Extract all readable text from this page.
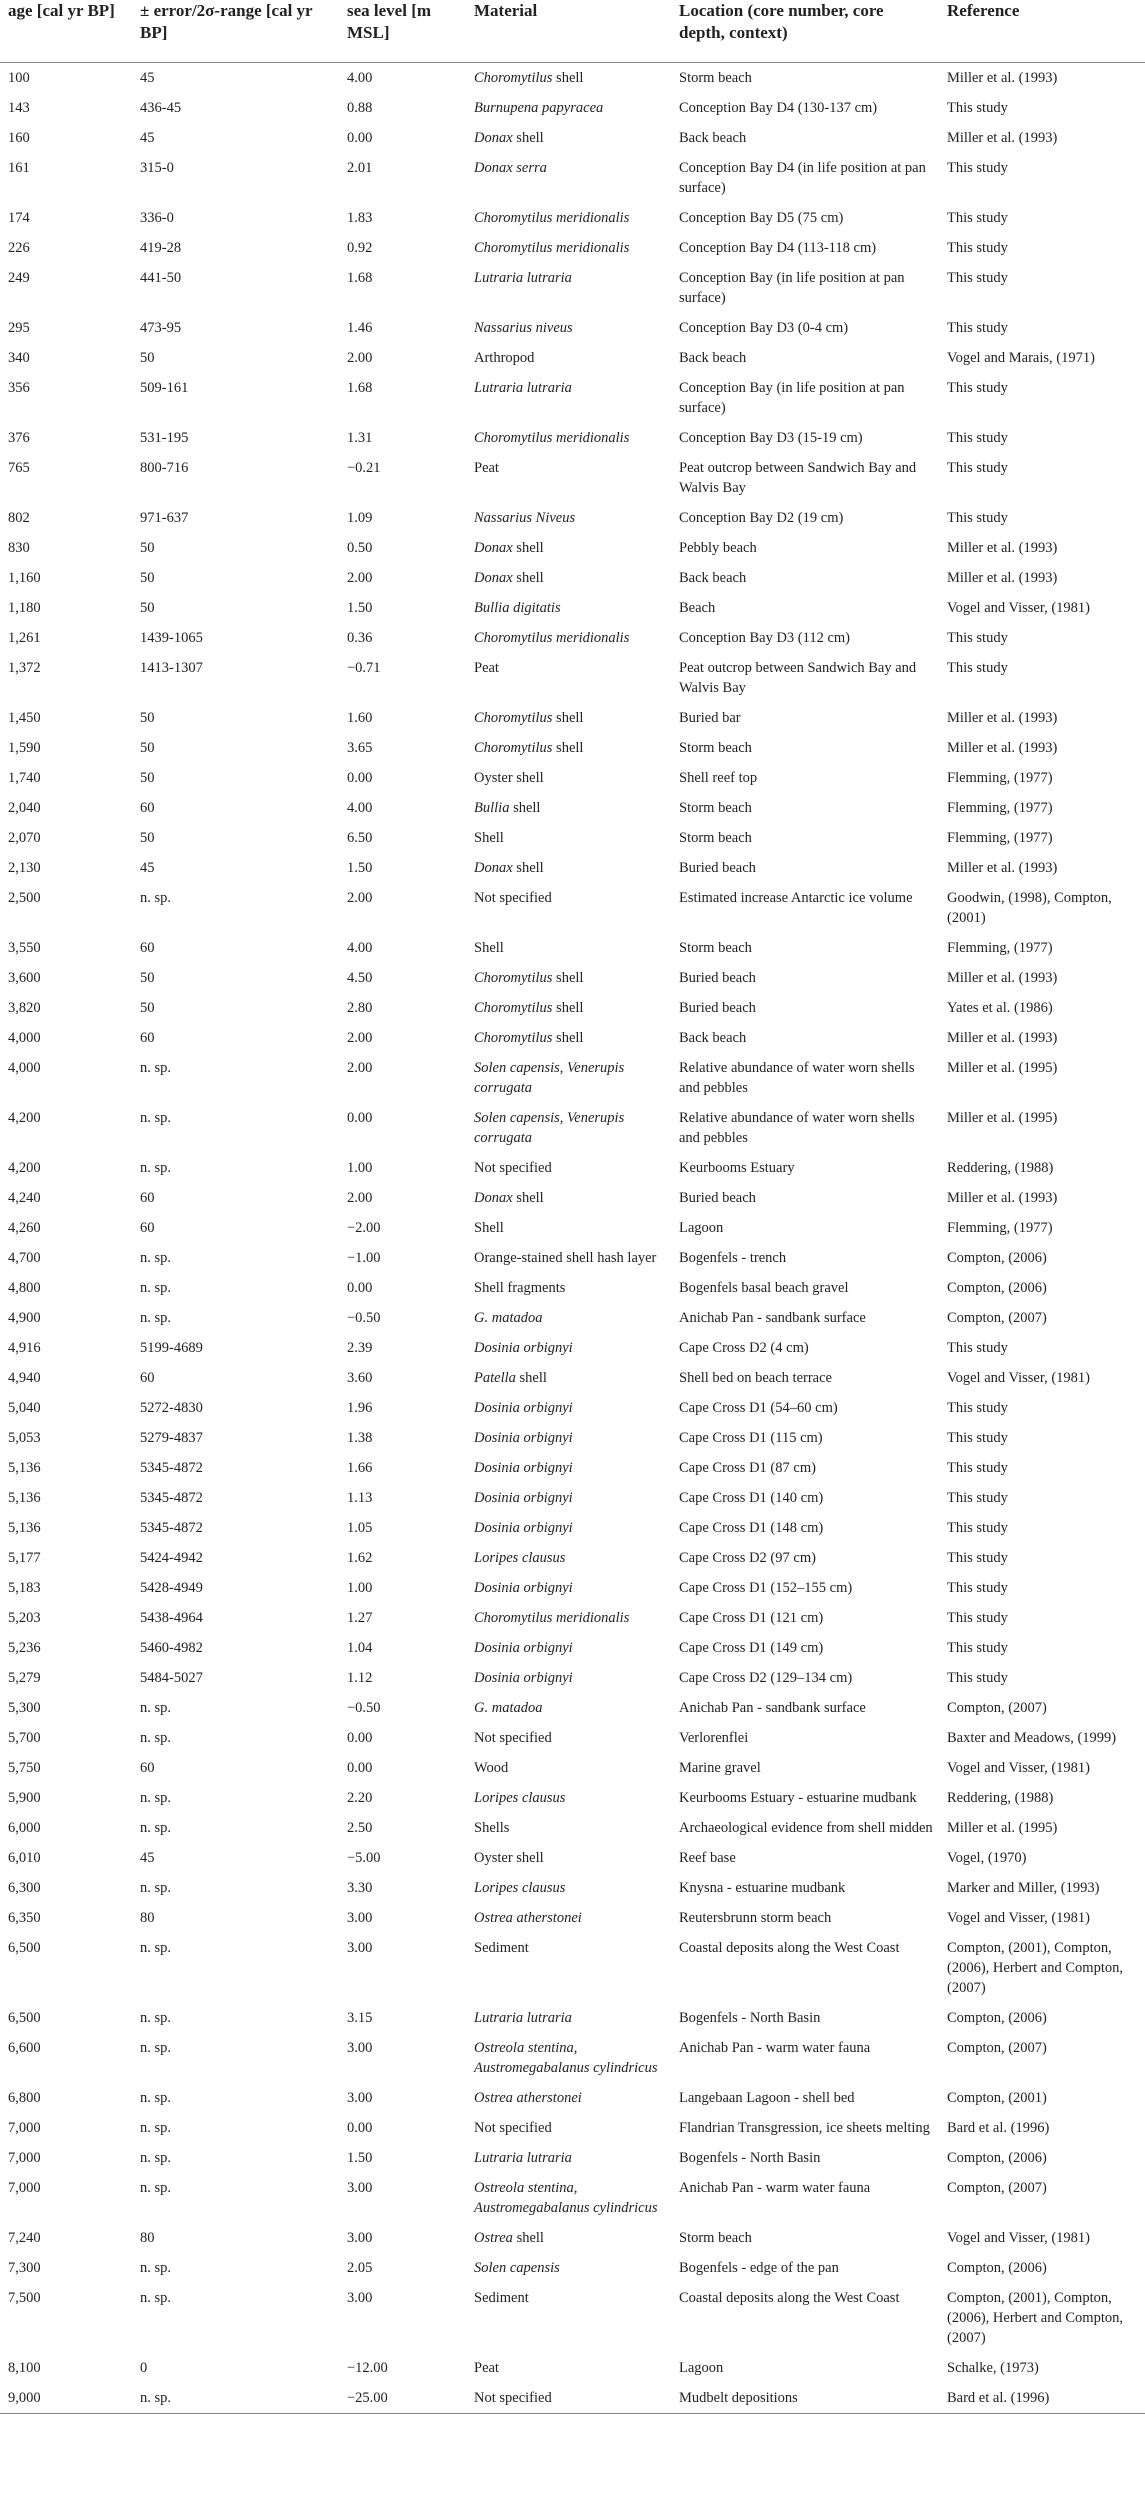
age [cal yr BP]	± error/2σ-range [cal yr BP]	sea level [m MSL]	Material	Location (core number, core depth, context)	Reference

100	45	4.00	Choromytilus shell	Storm beach	Miller et al. (1993)
143	436-45	0.88	Burnupena papyracea	Conception Bay D4 (130-137 cm)	This study
160	45	0.00	Donax shell	Back beach	Miller et al. (1993)
161	315-0	2.01	Donax serra	Conception Bay D4 (in life position at pan surface)	This study
174	336-0	1.83	Choromytilus meridionalis	Conception Bay D5 (75 cm)	This study
226	419-28	0.92	Choromytilus meridionalis	Conception Bay D4 (113-118 cm)	This study
249	441-50	1.68	Lutraria lutraria	Conception Bay (in life position at pan surface)	This study
295	473-95	1.46	Nassarius niveus	Conception Bay D3 (0-4 cm)	This study
340	50	2.00	Arthropod	Back beach	Vogel and Marais, (1971)
356	509-161	1.68	Lutraria lutraria	Conception Bay (in life position at pan surface)	This study
376	531-195	1.31	Choromytilus meridionalis	Conception Bay D3 (15-19 cm)	This study
765	800-716	−0.21	Peat	Peat outcrop between Sandwich Bay and Walvis Bay	This study
802	971-637	1.09	Nassarius Niveus	Conception Bay D2 (19 cm)	This study
830	50	0.50	Donax shell	Pebbly beach	Miller et al. (1993)
1,160	50	2.00	Donax shell	Back beach	Miller et al. (1993)
1,180	50	1.50	Bullia digitatis	Beach	Vogel and Visser, (1981)
1,261	1439-1065	0.36	Choromytilus meridionalis	Conception Bay D3 (112 cm)	This study
1,372	1413-1307	−0.71	Peat	Peat outcrop between Sandwich Bay and Walvis Bay	This study
1,450	50	1.60	Choromytilus shell	Buried bar	Miller et al. (1993)
1,590	50	3.65	Choromytilus shell	Storm beach	Miller et al. (1993)
1,740	50	0.00	Oyster shell	Shell reef top	Flemming, (1977)
2,040	60	4.00	Bullia shell	Storm beach	Flemming, (1977)
2,070	50	6.50	Shell	Storm beach	Flemming, (1977)
2,130	45	1.50	Donax shell	Buried beach	Miller et al. (1993)
2,500	n. sp.	2.00	Not specified	Estimated increase Antarctic ice volume	Goodwin, (1998), Compton, (2001)
3,550	60	4.00	Shell	Storm beach	Flemming, (1977)
3,600	50	4.50	Choromytilus shell	Buried beach	Miller et al. (1993)
3,820	50	2.80	Choromytilus shell	Buried beach	Yates et al. (1986)
4,000	60	2.00	Choromytilus shell	Back beach	Miller et al. (1993)
4,000	n. sp.	2.00	Solen capensis, Venerupis corrugata	Relative abundance of water worn shells and pebbles	Miller et al. (1995)
4,200	n. sp.	0.00	Solen capensis, Venerupis corrugata	Relative abundance of water worn shells and pebbles	Miller et al. (1995)
4,200	n. sp.	1.00	Not specified	Keurbooms Estuary	Reddering, (1988)
4,240	60	2.00	Donax shell	Buried beach	Miller et al. (1993)
4,260	60	−2.00	Shell	Lagoon	Flemming, (1977)
4,700	n. sp.	−1.00	Orange-stained shell hash layer	Bogenfels - trench	Compton, (2006)
4,800	n. sp.	0.00	Shell fragments	Bogenfels basal beach gravel	Compton, (2006)
4,900	n. sp.	−0.50	G. matadoa	Anichab Pan - sandbank surface	Compton, (2007)
4,916	5199-4689	2.39	Dosinia orbignyi	Cape Cross D2 (4 cm)	This study
4,940	60	3.60	Patella shell	Shell bed on beach terrace	Vogel and Visser, (1981)
5,040	5272-4830	1.96	Dosinia orbignyi	Cape Cross D1 (54–60 cm)	This study
5,053	5279-4837	1.38	Dosinia orbignyi	Cape Cross D1 (115 cm)	This study
5,136	5345-4872	1.66	Dosinia orbignyi	Cape Cross D1 (87 cm)	This study
5,136	5345-4872	1.13	Dosinia orbignyi	Cape Cross D1 (140 cm)	This study
5,136	5345-4872	1.05	Dosinia orbignyi	Cape Cross D1 (148 cm)	This study
5,177	5424-4942	1.62	Loripes clausus	Cape Cross D2 (97 cm)	This study
5,183	5428-4949	1.00	Dosinia orbignyi	Cape Cross D1 (152–155 cm)	This study
5,203	5438-4964	1.27	Choromytilus meridionalis	Cape Cross D1 (121 cm)	This study
5,236	5460-4982	1.04	Dosinia orbignyi	Cape Cross D1 (149 cm)	This study
5,279	5484-5027	1.12	Dosinia orbignyi	Cape Cross D2 (129–134 cm)	This study
5,300	n. sp.	−0.50	G. matadoa	Anichab Pan - sandbank surface	Compton, (2007)
5,700	n. sp.	0.00	Not specified	Verlorenflei	Baxter and Meadows, (1999)
5,750	60	0.00	Wood	Marine gravel	Vogel and Visser, (1981)
5,900	n. sp.	2.20	Loripes clausus	Keurbooms Estuary - estuarine mudbank	Reddering, (1988)
6,000	n. sp.	2.50	Shells	Archaeological evidence from shell midden	Miller et al. (1995)
6,010	45	−5.00	Oyster shell	Reef base	Vogel, (1970)
6,300	n. sp.	3.30	Loripes clausus	Knysna - estuarine mudbank	Marker and Miller, (1993)
6,350	80	3.00	Ostrea atherstonei	Reutersbrunn storm beach	Vogel and Visser, (1981)
6,500	n. sp.	3.00	Sediment	Coastal deposits along the West Coast	Compton, (2001), Compton, (2006), Herbert and Compton, (2007)
6,500	n. sp.	3.15	Lutraria lutraria	Bogenfels - North Basin	Compton, (2006)
6,600	n. sp.	3.00	Ostreola stentina, Austromegabalanus cylindricus	Anichab Pan - warm water fauna	Compton, (2007)
6,800	n. sp.	3.00	Ostrea atherstonei	Langebaan Lagoon - shell bed	Compton, (2001)
7,000	n. sp.	0.00	Not specified	Flandrian Transgression, ice sheets melting	Bard et al. (1996)
7,000	n. sp.	1.50	Lutraria lutraria	Bogenfels - North Basin	Compton, (2006)
7,000	n. sp.	3.00	Ostreola stentina, Austromegabalanus cylindricus	Anichab Pan - warm water fauna	Compton, (2007)
7,240	80	3.00	Ostrea shell	Storm beach	Vogel and Visser, (1981)
7,300	n. sp.	2.05	Solen capensis	Bogenfels - edge of the pan	Compton, (2006)
7,500	n. sp.	3.00	Sediment	Coastal deposits along the West Coast	Compton, (2001), Compton, (2006), Herbert and Compton, (2007)
8,100	0	−12.00	Peat	Lagoon	Schalke, (1973)
9,000	n. sp.	−25.00	Not specified	Mudbelt depositions	Bard et al. (1996)
